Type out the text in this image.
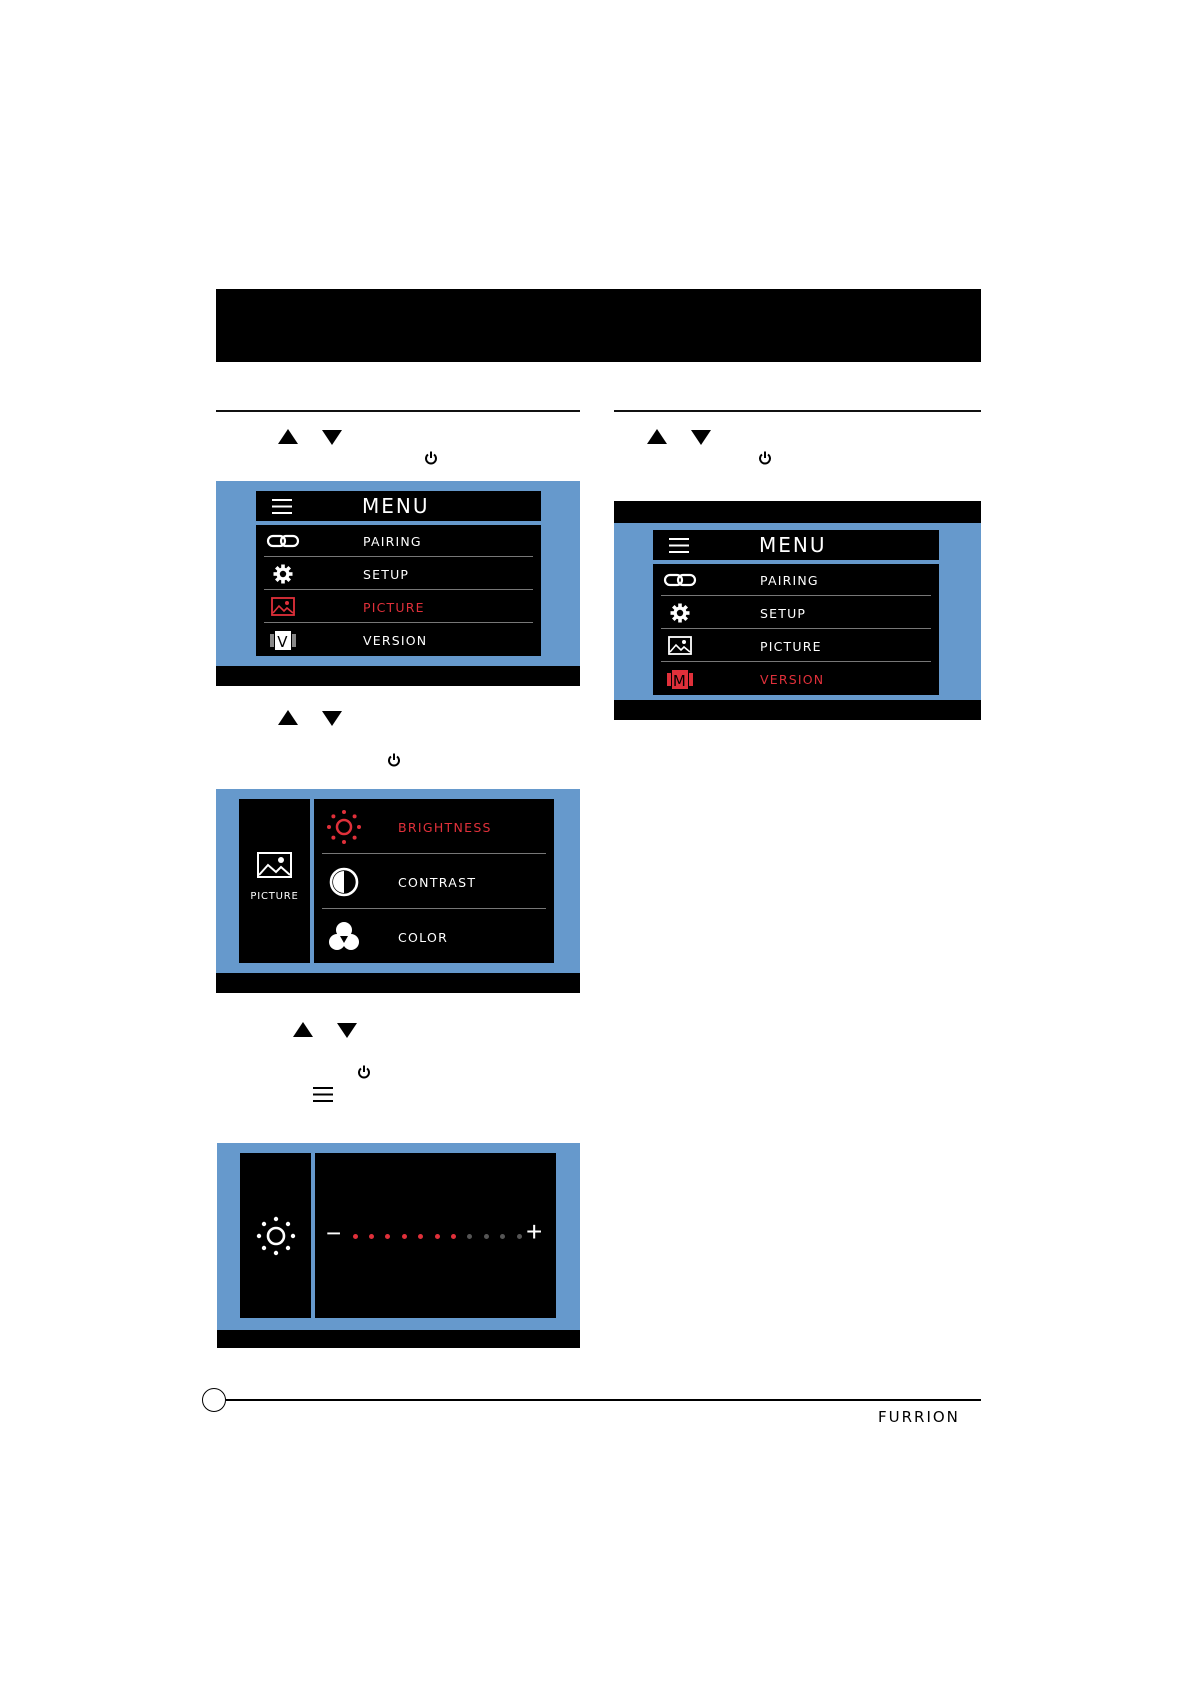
MENU
PAIRING
SETUP
PICTURE
V	VERSION
MENU
PAIRING
SETUP
PICTURE
M	VERSION
PICTURE
BRIGHTNESS
CONTRAST
COLOR
−	+
FURRION
